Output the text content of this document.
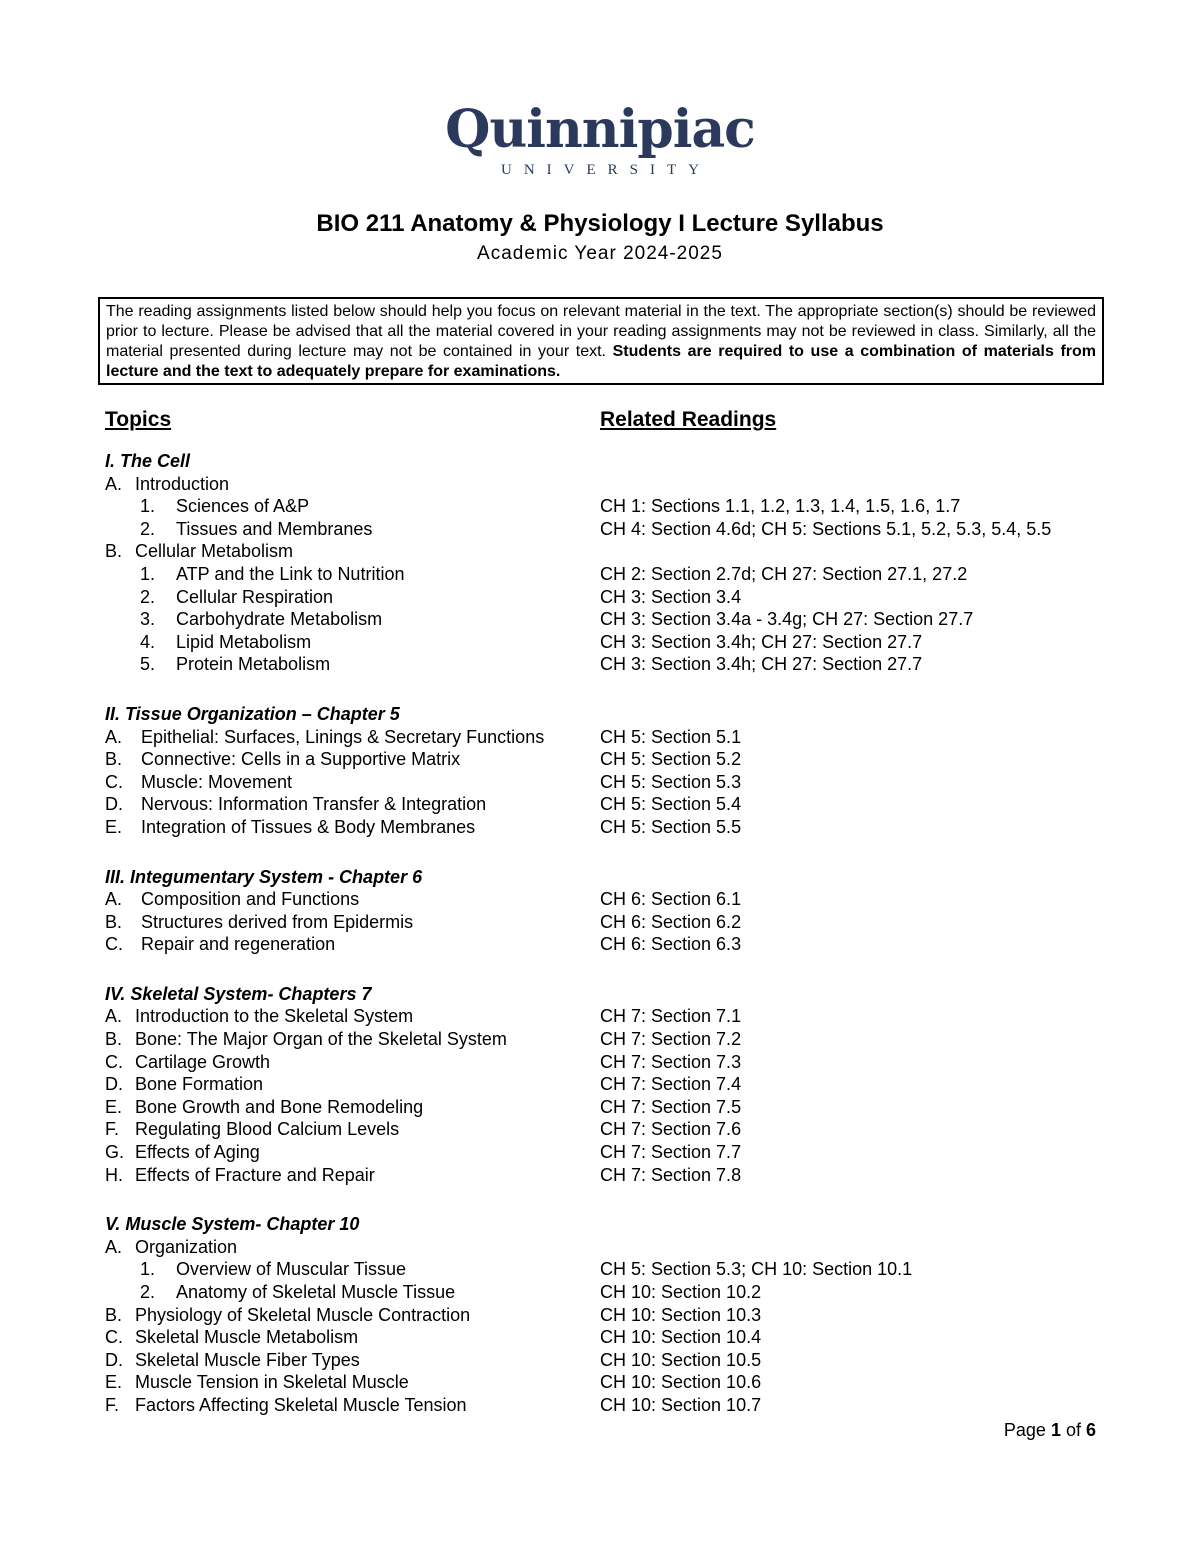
Quinnipiac
UNIVERSITY
BIO 211 Anatomy & Physiology I Lecture Syllabus
Academic Year 2024-2025
The reading assignments listed below should help you focus on relevant material in the text. The appropriate section(s) should be reviewed prior to lecture. Please be advised that all the material covered in your reading assignments may not be reviewed in class. Similarly, all the material presented during lecture may not be contained in your text. Students are required to use a combination of materials from lecture and the text to adequately prepare for examinations.
Topics	Related Readings
I. The Cell
A. Introduction
1. Sciences of A&P	CH 1: Sections 1.1, 1.2, 1.3, 1.4, 1.5, 1.6, 1.7
2. Tissues and Membranes	CH 4: Section 4.6d; CH 5: Sections 5.1, 5.2, 5.3, 5.4, 5.5
B. Cellular Metabolism
1. ATP and the Link to Nutrition	CH 2: Section 2.7d; CH 27: Section 27.1, 27.2
2. Cellular Respiration	CH 3: Section 3.4
3. Carbohydrate Metabolism	CH 3: Section 3.4a - 3.4g; CH 27: Section 27.7
4. Lipid Metabolism	CH 3: Section 3.4h; CH 27: Section 27.7
5. Protein Metabolism	CH 3: Section 3.4h; CH 27: Section 27.7
II. Tissue Organization – Chapter 5
A. Epithelial: Surfaces, Linings & Secretary Functions	CH 5: Section 5.1
B. Connective: Cells in a Supportive Matrix	CH 5: Section 5.2
C. Muscle: Movement	CH 5: Section 5.3
D. Nervous: Information Transfer & Integration	CH 5: Section 5.4
E. Integration of Tissues & Body Membranes	CH 5: Section 5.5
III. Integumentary System - Chapter 6
A. Composition and Functions	CH 6: Section 6.1
B. Structures derived from Epidermis	CH 6: Section 6.2
C. Repair and regeneration	CH 6: Section 6.3
IV. Skeletal System- Chapters 7
A. Introduction to the Skeletal System	CH 7: Section 7.1
B. Bone: The Major Organ of the Skeletal System	CH 7: Section 7.2
C. Cartilage Growth	CH 7: Section 7.3
D. Bone Formation	CH 7: Section 7.4
E. Bone Growth and Bone Remodeling	CH 7: Section 7.5
F. Regulating Blood Calcium Levels	CH 7: Section 7.6
G. Effects of Aging	CH 7: Section 7.7
H. Effects of Fracture and Repair	CH 7: Section 7.8
V. Muscle System- Chapter 10
A. Organization
1. Overview of Muscular Tissue	CH 5: Section 5.3; CH 10: Section 10.1
2. Anatomy of Skeletal Muscle Tissue	CH 10: Section 10.2
B. Physiology of Skeletal Muscle Contraction	CH 10: Section 10.3
C. Skeletal Muscle Metabolism	CH 10: Section 10.4
D. Skeletal Muscle Fiber Types	CH 10: Section 10.5
E. Muscle Tension in Skeletal Muscle	CH 10: Section 10.6
F. Factors Affecting Skeletal Muscle Tension	CH 10: Section 10.7
Page 1 of 6
